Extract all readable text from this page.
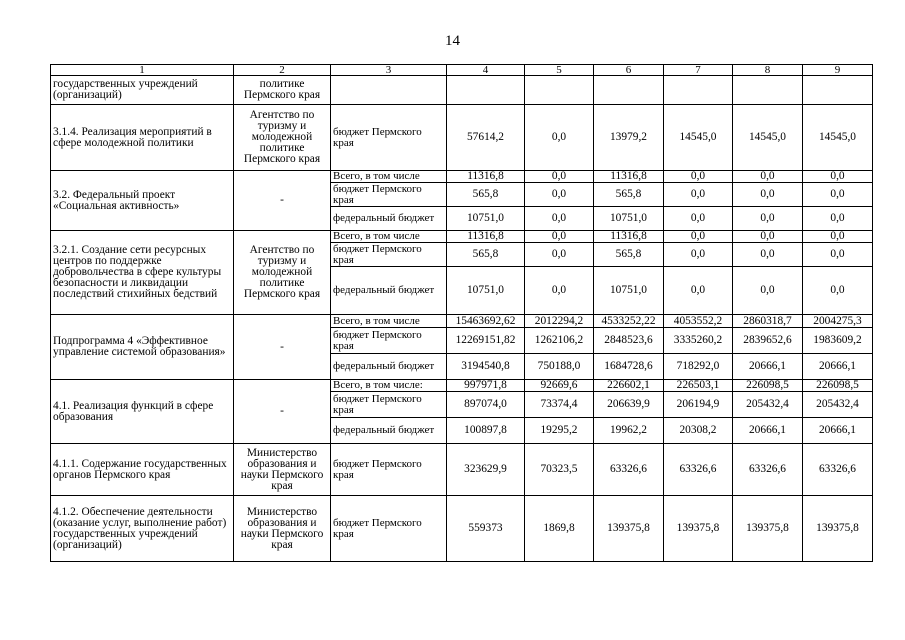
14
1	2	3	4	5	6	7	8	9
государственных учреждений (организаций)	политике Пермского края							
3.1.4. Реализация мероприятий в сфере молодежной политики	Агентство по туризму и молодежной политике Пермского края	бюджет Пермского края	57614,2	0,0	13979,2	14545,0	14545,0	14545,0
3.2. Федеральный проект «Социальная активность»	-	Всего, в том числе	11316,8	0,0	11316,8	0,0	0,0	0,0
		бюджет Пермского края	565,8	0,0	565,8	0,0	0,0	0,0
		федеральный бюджет	10751,0	0,0	10751,0	0,0	0,0	0,0
3.2.1. Создание сети ресурсных центров по поддержке добровольчества в сфере культуры безопасности и ликвидации последствий стихийных бедствий	Агентство по туризму и молодежной политике Пермского края	Всего, в том числе	11316,8	0,0	11316,8	0,0	0,0	0,0
		бюджет Пермского края	565,8	0,0	565,8	0,0	0,0	0,0
		федеральный бюджет	10751,0	0,0	10751,0	0,0	0,0	0,0
Подпрограмма 4 «Эффективное управление системой образования»	-	Всего, в том числе	15463692,62	2012294,2	4533252,22	4053552,2	2860318,7	2004275,3
		бюджет Пермского края	12269151,82	1262106,2	2848523,6	3335260,2	2839652,6	1983609,2
		федеральный бюджет	3194540,8	750188,0	1684728,6	718292,0	20666,1	20666,1
4.1. Реализация функций в сфере образования	-	Всего, в том числе:	997971,8	92669,6	226602,1	226503,1	226098,5	226098,5
		бюджет Пермского края	897074,0	73374,4	206639,9	206194,9	205432,4	205432,4
		федеральный бюджет	100897,8	19295,2	19962,2	20308,2	20666,1	20666,1
4.1.1. Содержание государственных органов Пермского края	Министерство образования и науки Пермского края	бюджет Пермского края	323629,9	70323,5	63326,6	63326,6	63326,6	63326,6
4.1.2. Обеспечение деятельности (оказание услуг, выполнение работ) государственных учреждений (организаций)	Министерство образования и науки Пермского края	бюджет Пермского края	559373	1869,8	139375,8	139375,8	139375,8	139375,8
